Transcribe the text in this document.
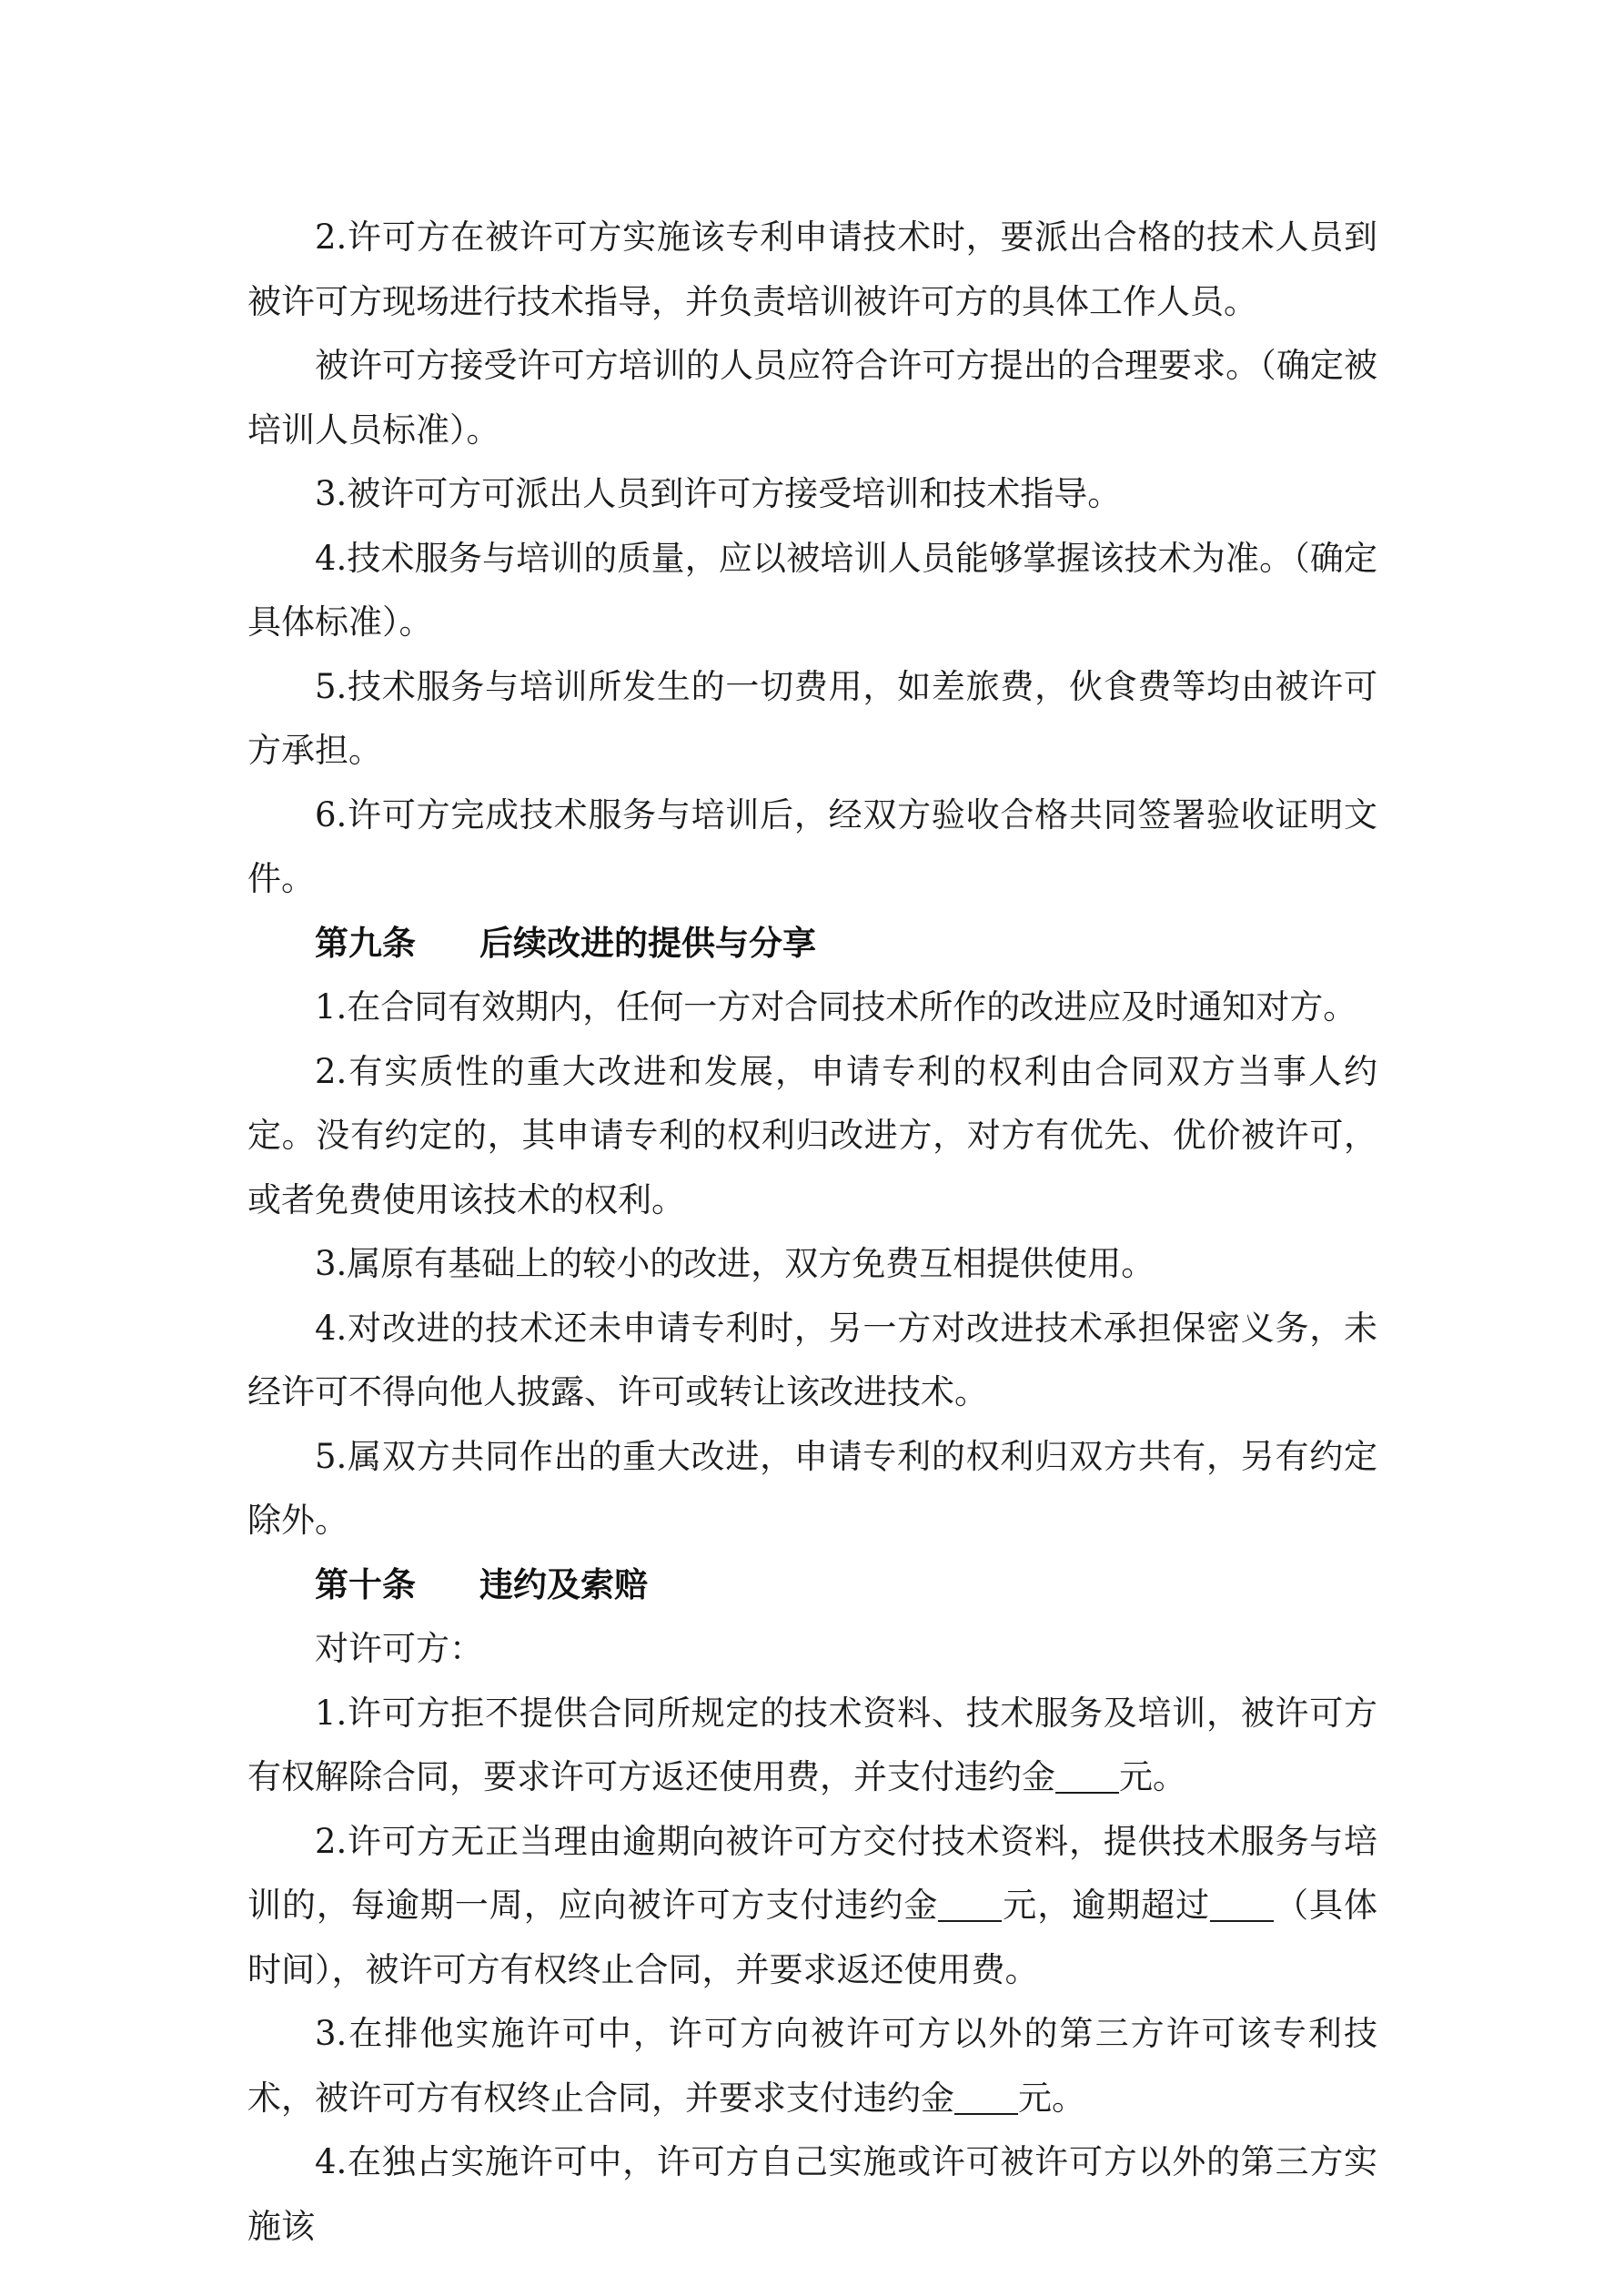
2.许可方在被许可方实施该专利申请技术时，要派出合格的技术人员到被许可方现场进行技术指导，并负责培训被许可方的具体工作人员。

被许可方接受许可方培训的人员应符合许可方提出的合理要求。（确定被培训人员标准）。

3.被许可方可派出人员到许可方接受培训和技术指导。

4.技术服务与培训的质量，应以被培训人员能够掌握该技术为准。（确定具体标准）。

5.技术服务与培训所发生的一切费用，如差旅费，伙食费等均由被许可方承担。

6.许可方完成技术服务与培训后，经双方验收合格共同签署验收证明文件。

第九条 后续改进的提供与分享

1.在合同有效期内，任何一方对合同技术所作的改进应及时通知对方。

2.有实质性的重大改进和发展，申请专利的权利由合同双方当事人约定。没有约定的，其申请专利的权利归改进方，对方有优先、优价被许可，或者免费使用该技术的权利。

3.属原有基础上的较小的改进，双方免费互相提供使用。

4.对改进的技术还未申请专利时，另一方对改进技术承担保密义务，未经许可不得向他人披露、许可或转让该改进技术。

5.属双方共同作出的重大改进，申请专利的权利归双方共有，另有约定除外。

第十条 违约及索赔

对许可方：

1.许可方拒不提供合同所规定的技术资料、技术服务及培训，被许可方有权解除合同，要求许可方返还使用费，并支付违约金 元。

2.许可方无正当理由逾期向被许可方交付技术资料，提供技术服务与培训的，每逾期一周，应向被许可方支付违约金 元，逾期超过 （具体时间），被许可方有权终止合同，并要求返还使用费。

3.在排他实施许可中，许可方向被许可方以外的第三方许可该专利技术，被许可方有权终止合同，并要求支付违约金 元。

4.在独占实施许可中，许可方自己实施或许可被许可方以外的第三方实施该
